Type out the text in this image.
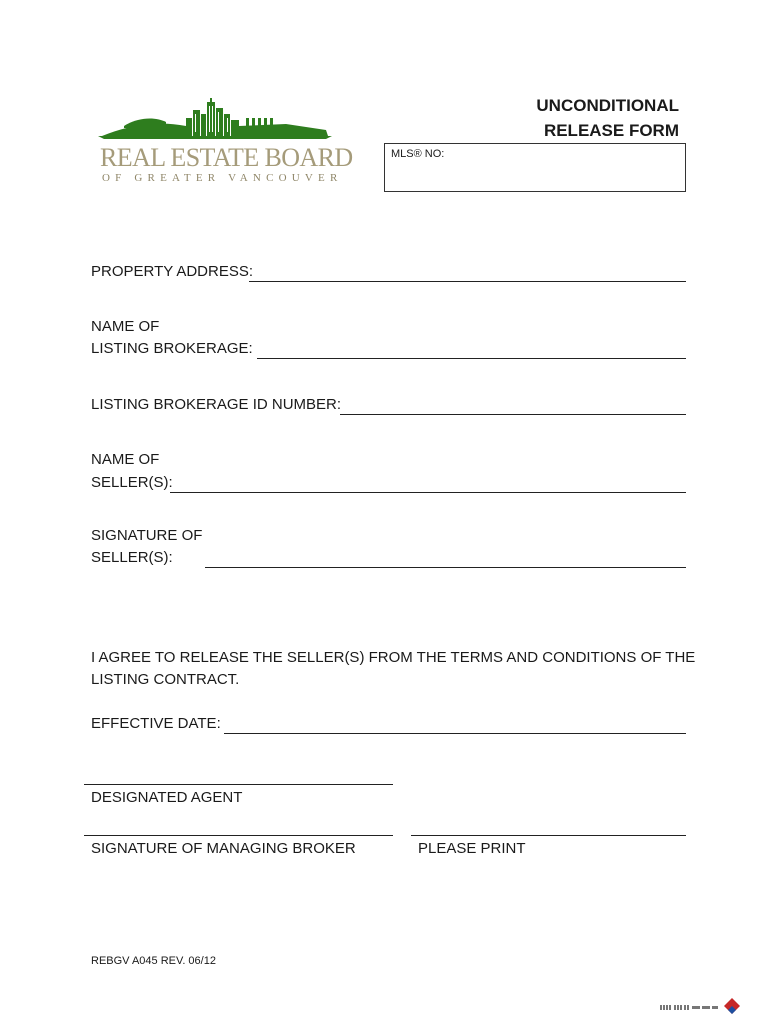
REAL ESTATE BOARD
OF GREATER VANCOUVER
UNCONDITIONAL
RELEASE FORM
MLS® NO:
PROPERTY ADDRESS:
NAME OF
LISTING BROKERAGE:
LISTING BROKERAGE ID NUMBER:
NAME OF
SELLER(S):
SIGNATURE OF
SELLER(S):
I AGREE TO RELEASE THE SELLER(S) FROM THE TERMS AND CONDITIONS OF THE
LISTING CONTRACT.
EFFECTIVE DATE:
DESIGNATED AGENT
SIGNATURE OF MANAGING BROKER	PLEASE PRINT
REBGV A045 REV. 06/12
